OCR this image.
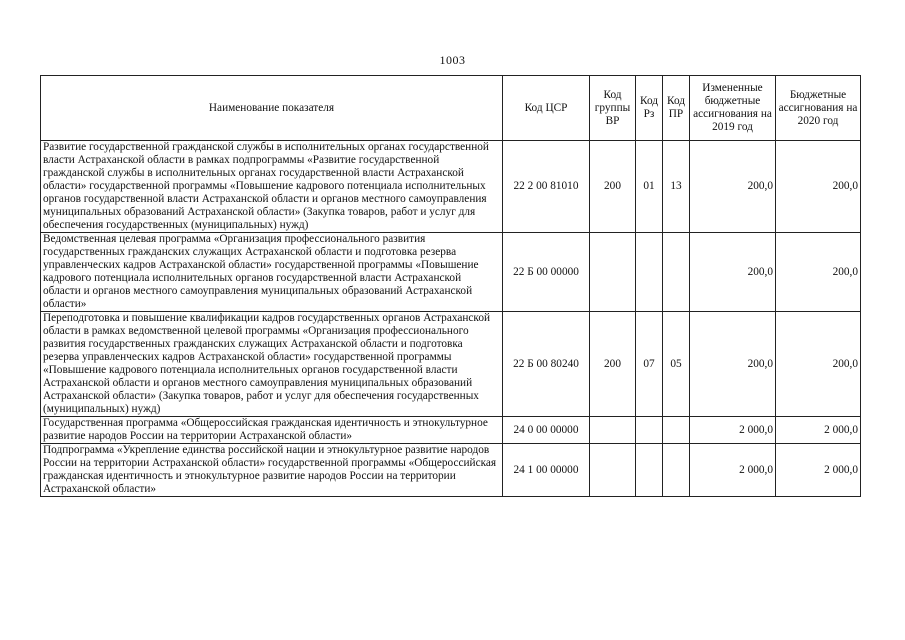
1003
Наименование показателя	Код ЦСР	Код группы ВР	Код Рз	Код ПР	Измененные бюджетные ассигнования на 2019 год	Бюджетные ассигнования на 2020 год
Развитие государственной гражданской службы в исполнительных органах государственной власти Астраханской области в рамках подпрограммы «Развитие государственной гражданской службы в исполнительных органах государственной власти Астраханской области» государственной программы «Повышение кадрового потенциала исполнительных органов государственной власти Астраханской области и органов местного самоуправления муниципальных образований Астраханской области» (Закупка товаров, работ и услуг для обеспечения государственных (муниципальных) нужд)	22 2 00 81010	200	01	13	200,0	200,0
Ведомственная целевая программа «Организация профессионального развития государственных гражданских служащих Астраханской области и подготовка резерва управленческих кадров Астраханской области» государственной программы «Повышение кадрового потенциала исполнительных органов государственной власти Астраханской области и органов местного самоуправления муниципальных образований Астраханской области»	22 Б 00 00000				200,0	200,0
Переподготовка и повышение квалификации кадров государственных органов Астраханской области в рамках ведомственной целевой программы «Организация профессионального развития государственных гражданских служащих Астраханской области и подготовка резерва управленческих кадров Астраханской области» государственной программы «Повышение кадрового потенциала исполнительных органов государственной власти Астраханской области и органов местного самоуправления муниципальных образований Астраханской области» (Закупка товаров, работ и услуг для обеспечения государственных (муниципальных) нужд)	22 Б 00 80240	200	07	05	200,0	200,0
Государственная программа «Общероссийская гражданская идентичность и этнокультурное развитие народов России на территории Астраханской области»	24 0 00 00000				2 000,0	2 000,0
Подпрограмма «Укрепление единства российской нации и этнокультурное развитие народов России на территории Астраханской области» государственной программы «Общероссийская гражданская идентичность и этнокультурное развитие народов России на территории Астраханской области»	24 1 00 00000				2 000,0	2 000,0
